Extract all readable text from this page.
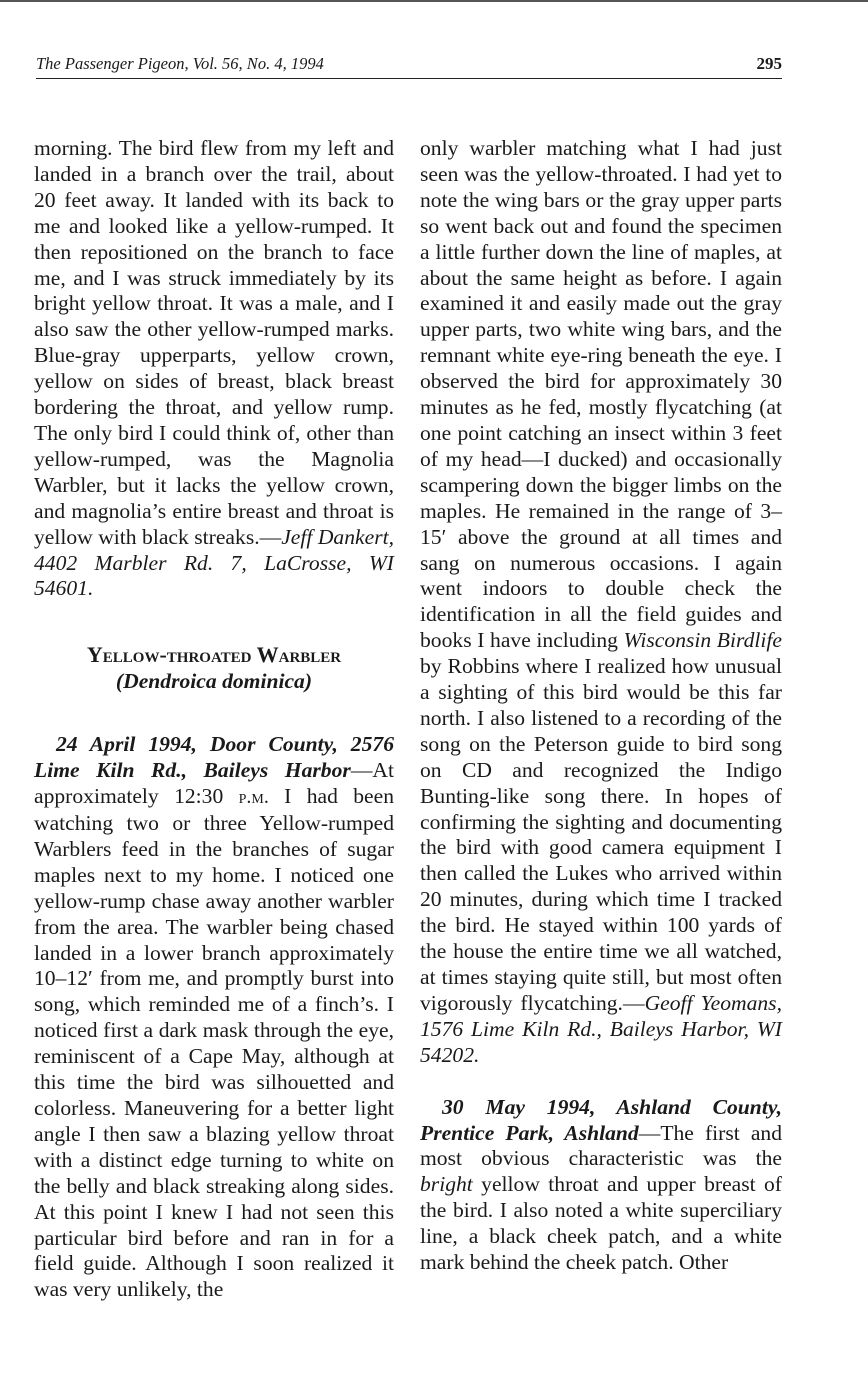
The Passenger Pigeon, Vol. 56, No. 4, 1994	295

morning. The bird flew from my left and landed in a branch over the trail, about 20 feet away. It landed with its back to me and looked like a yellow-rumped. It then repositioned on the branch to face me, and I was struck immediately by its bright yellow throat. It was a male, and I also saw the other yellow-rumped marks. Blue-gray upperparts, yellow crown, yellow on sides of breast, black breast bordering the throat, and yellow rump. The only bird I could think of, other than yellow-rumped, was the Magnolia Warbler, but it lacks the yellow crown, and magnolia’s entire breast and throat is yellow with black streaks.—Jeff Dankert, 4402 Marbler Rd. 7, LaCrosse, WI 54601.

Yellow-throated Warbler
(Dendroica dominica)

24 April 1994, Door County, 2576 Lime Kiln Rd., Baileys Harbor—At approximately 12:30 p.m. I had been watching two or three Yellow-rumped Warblers feed in the branches of sugar maples next to my home. I noticed one yellow-rump chase away another warbler from the area. The warbler being chased landed in a lower branch approximately 10–12′ from me, and promptly burst into song, which reminded me of a finch’s. I noticed first a dark mask through the eye, reminiscent of a Cape May, although at this time the bird was silhouetted and colorless. Maneuvering for a better light angle I then saw a blazing yellow throat with a distinct edge turning to white on the belly and black streaking along sides. At this point I knew I had not seen this particular bird before and ran in for a field guide. Although I soon realized it was very unlikely, the

only warbler matching what I had just seen was the yellow-throated. I had yet to note the wing bars or the gray upper parts so went back out and found the specimen a little further down the line of maples, at about the same height as before. I again examined it and easily made out the gray upper parts, two white wing bars, and the remnant white eye-ring beneath the eye. I observed the bird for approximately 30 minutes as he fed, mostly flycatching (at one point catching an insect within 3 feet of my head—I ducked) and occasionally scampering down the bigger limbs on the maples. He remained in the range of 3–15′ above the ground at all times and sang on numerous occasions. I again went indoors to double check the identification in all the field guides and books I have including Wisconsin Birdlife by Robbins where I realized how unusual a sighting of this bird would be this far north. I also listened to a recording of the song on the Peterson guide to bird song on CD and recognized the Indigo Bunting-like song there. In hopes of confirming the sighting and documenting the bird with good camera equipment I then called the Lukes who arrived within 20 minutes, during which time I tracked the bird. He stayed within 100 yards of the house the entire time we all watched, at times staying quite still, but most often vigorously flycatching.—Geoff Yeomans, 1576 Lime Kiln Rd., Baileys Harbor, WI 54202.

30 May 1994, Ashland County, Prentice Park, Ashland—The first and most obvious characteristic was the bright yellow throat and upper breast of the bird. I also noted a white superciliary line, a black cheek patch, and a white mark behind the cheek patch. Other
